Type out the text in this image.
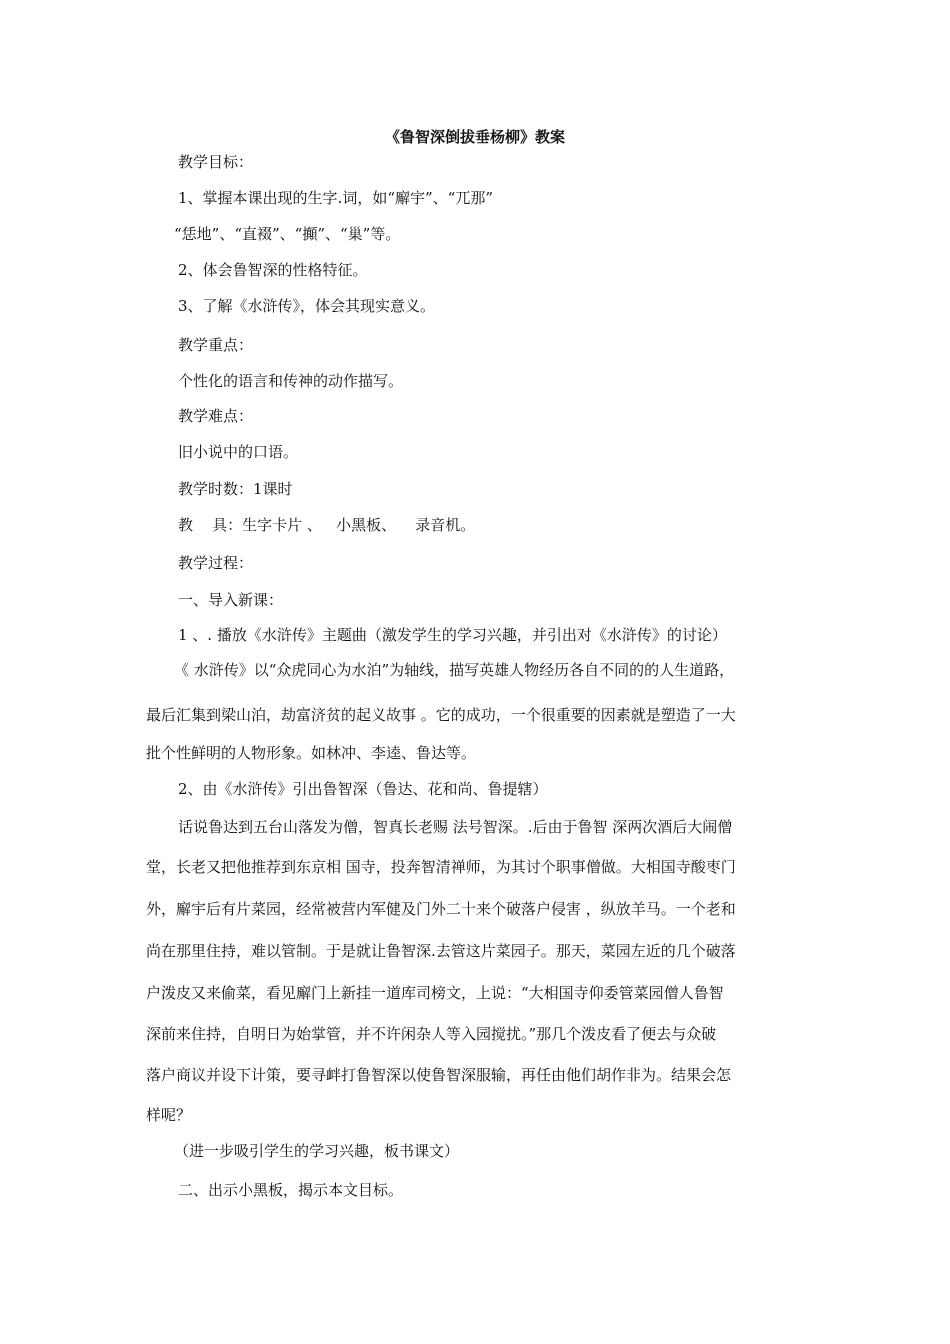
《鲁智深倒拔垂杨柳》教案
教学目标：
1、掌握本课出现的生字.词，如“廨宇”、“兀那”
“恁地”、“直裰”、“攧”、“巢”等。
2、体会鲁智深的性格特征。
3、了解《水浒传》，体会其现实意义。
教学重点：
个性化的语言和传神的动作描写。
教学难点：
旧小说中的口语。
教学时数：1课时
教    具：生字卡片 、   小黑板、    录音机。
教学过程：
一、导入新课：
1 、. 播放《水浒传》主题曲（激发学生的学习兴趣，并引出对《水浒传》的讨论）
《 水浒传》以“众虎同心为水泊”为轴线，描写英雄人物经历各自不同的的人生道路，
最后汇集到梁山泊，劫富济贫的起义故事 。它的成功，一个很重要的因素就是塑造了一大
批个性鲜明的人物形象。如林冲、李逵、鲁达等。
2、由《水浒传》引出鲁智深（鲁达、花和尚、鲁提辖）
话说鲁达到五台山落发为僧，智真长老赐 法号智深。.后由于鲁智 深两次酒后大闹僧
堂，长老又把他推荐到东京相 国寺，投奔智清禅师，为其讨个职事僧做。大相国寺酸枣门
外，廨宇后有片菜园，经常被营内军健及门外二十来个破落户侵害 ，纵放羊马。一个老和
尚在那里住持，难以管制。于是就让鲁智深.去管这片菜园子。那天，菜园左近的几个破落
户泼皮又来偷菜，看见廨门上新挂一道库司榜文，上说：“大相国寺仰委管菜园僧人鲁智
深前来住持，自明日为始掌管，并不许闲杂人等入园搅扰。”那几个泼皮看了便去与众破
落户商议并设下计策，要寻衅打鲁智深以使鲁智深服输，再任由他们胡作非为。结果会怎
样呢？
（进一步吸引学生的学习兴趣，板书课文）
二、出示小黑板，揭示本文目标。
